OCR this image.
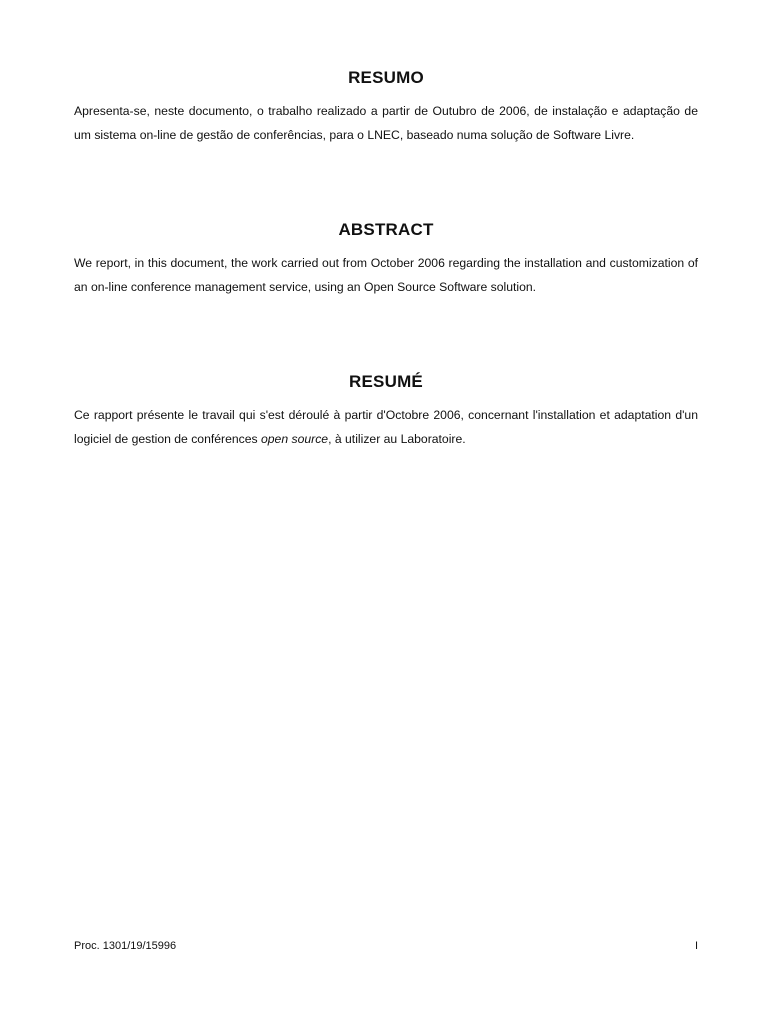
RESUMO

Apresenta-se, neste documento, o trabalho realizado a partir de Outubro de 2006, de instalação e adaptação de um sistema on-line de gestão de conferências, para o LNEC, baseado numa solução de Software Livre.

ABSTRACT

We report, in this document, the work carried out from October 2006 regarding the installation and customization of an on-line conference management service, using an Open Source Software solution.

RESUMÉ

Ce rapport présente le travail qui s'est déroulé à partir d'Octobre 2006, concernant l'installation et adaptation d'un logiciel de gestion de conférences open source, à utilizer au Laboratoire.

Proc. 1301/19/15996	I
